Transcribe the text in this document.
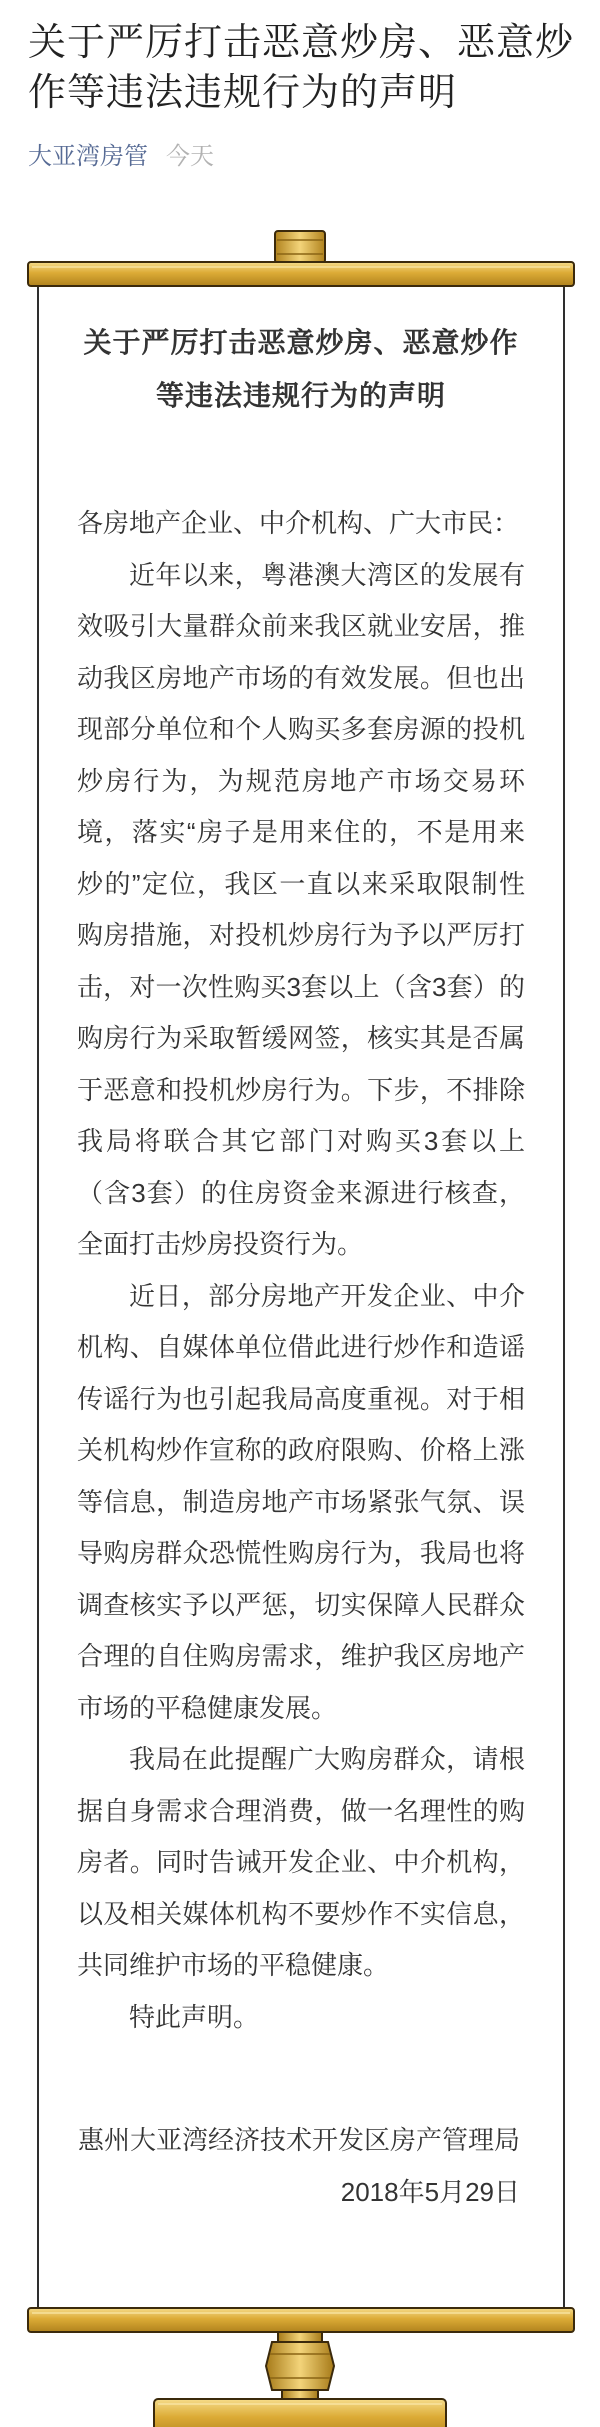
关于严厉打击恶意炒房、恶意炒
作等违法违规行为的声明
大亚湾房管 今天
关于严厉打击恶意炒房、恶意炒作
等违法违规行为的声明
各房地产企业、中介机构、广大市民：
近年以来，粤港澳大湾区的发展有
效吸引大量群众前来我区就业安居，推
动我区房地产市场的有效发展。但也出
现部分单位和个人购买多套房源的投机
炒房行为，为规范房地产市场交易环
境，落实“房子是用来住的，不是用来
炒的”定位，我区一直以来采取限制性
购房措施，对投机炒房行为予以严厉打
击，对一次性购买3套以上（含3套）的
购房行为采取暂缓网签，核实其是否属
于恶意和投机炒房行为。下步，不排除
我局将联合其它部门对购买3套以上
（含3套）的住房资金来源进行核查，
全面打击炒房投资行为。
近日，部分房地产开发企业、中介
机构、自媒体单位借此进行炒作和造谣
传谣行为也引起我局高度重视。对于相
关机构炒作宣称的政府限购、价格上涨
等信息，制造房地产市场紧张气氛、误
导购房群众恐慌性购房行为，我局也将
调查核实予以严惩，切实保障人民群众
合理的自住购房需求，维护我区房地产
市场的平稳健康发展。
我局在此提醒广大购房群众，请根
据自身需求合理消费，做一名理性的购
房者。同时告诫开发企业、中介机构，
以及相关媒体机构不要炒作不实信息，
共同维护市场的平稳健康。
特此声明。
惠州大亚湾经济技术开发区房产管理局
2018年5月29日
